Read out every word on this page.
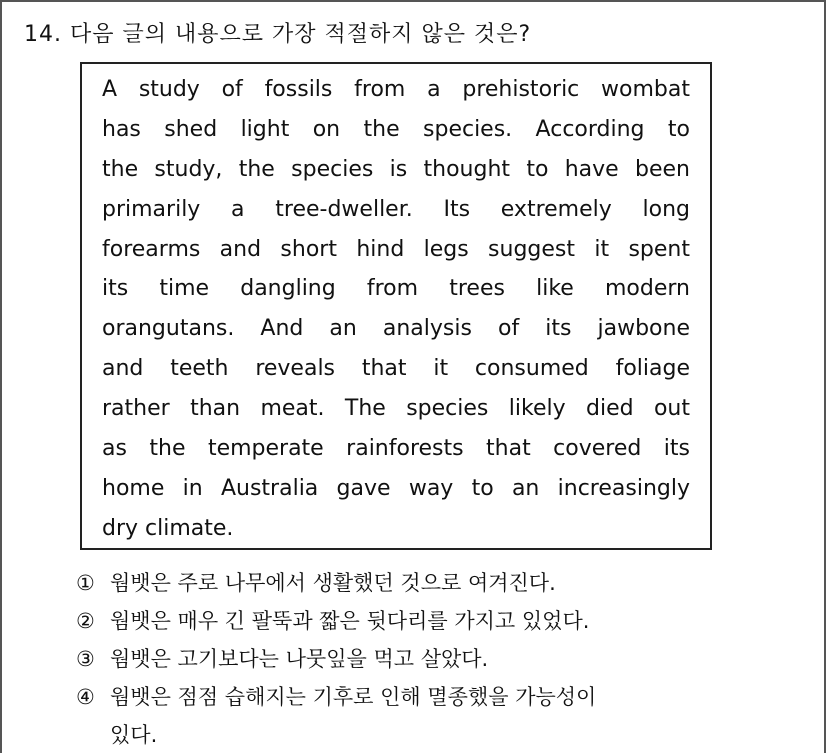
14. 다음 글의 내용으로 가장 적절하지 않은 것은?
A study of fossils from a prehistoric wombat
has shed light on the species. According to
the study, the species is thought to have been
primarily a tree-dweller. Its extremely long
forearms and short hind legs suggest it spent
its time dangling from trees like modern
orangutans. And an analysis of its jawbone
and teeth reveals that it consumed foliage
rather than meat. The species likely died out
as the temperate rainforests that covered its
home in Australia gave way to an increasingly
dry climate.
① 웜뱃은 주로 나무에서 생활했던 것으로 여겨진다.
② 웜뱃은 매우 긴 팔뚝과 짧은 뒷다리를 가지고 있었다.
③ 웜뱃은 고기보다는 나뭇잎을 먹고 살았다.
④ 웜뱃은 점점 습해지는 기후로 인해 멸종했을 가능성이
있다.
